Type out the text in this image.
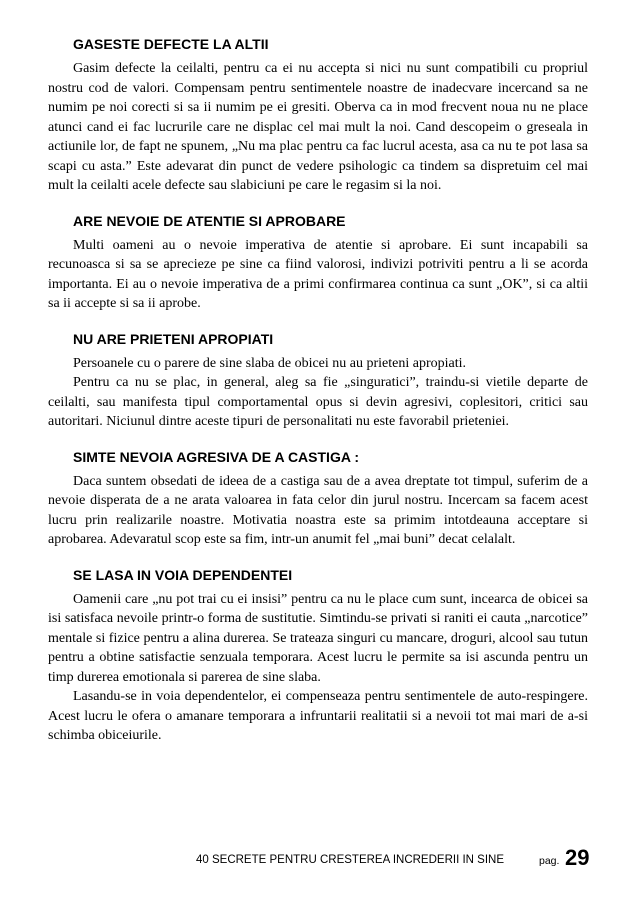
GASESTE DEFECTE LA ALTII

Gasim defecte la ceilalti, pentru ca ei nu accepta si nici nu sunt compatibili cu propriul nostru cod de valori. Compensam pentru sentimentele noastre de inadecvare incercand sa ne numim pe noi corecti si sa ii numim pe ei gresiti. Oberva ca in mod frecvent noua nu ne place atunci cand ei fac lucrurile care ne displac cel mai mult la noi. Cand descopeim o greseala in actiunile lor, de fapt ne spunem, „Nu ma plac pentru ca fac lucrul acesta, asa ca nu te pot lasa sa scapi cu asta.” Este adevarat din punct de vedere psihologic ca tindem sa dispretuim cel mai mult la ceilalti acele defecte sau slabiciuni pe care le regasim si la noi.

ARE NEVOIE DE ATENTIE SI APROBARE

Multi oameni au o nevoie imperativa de atentie si aprobare. Ei sunt incapabili sa recunoasca si sa se aprecieze pe sine ca fiind valorosi, indivizi potriviti pentru a li se acorda importanta. Ei au o nevoie imperativa de a primi confirmarea continua ca sunt „OK”, si ca altii sa ii accepte si sa ii aprobe.

NU ARE PRIETENI APROPIATI

Persoanele cu o parere de sine slaba de obicei nu au prieteni apropiati.

Pentru ca nu se plac, in general, aleg sa fie „singuratici”, traindu-si vietile departe de ceilalti, sau manifesta tipul comportamental opus si devin agresivi, coplesitori, critici sau autoritari. Niciunul dintre aceste tipuri de personalitati nu este favorabil prieteniei.

SIMTE NEVOIA AGRESIVA DE A CASTIGA :

Daca suntem obsedati de ideea de a castiga sau de a avea dreptate tot timpul, suferim de a nevoie disperata de a ne arata valoarea in fata celor din jurul nostru. Incercam sa facem acest lucru prin realizarile noastre. Motivatia noastra este sa primim intotdeauna acceptare si aprobarea. Adevaratul scop este sa fim, intr-un anumit fel „mai buni” decat celalalt.

SE LASA IN VOIA DEPENDENTEI

Oamenii care „nu pot trai cu ei insisi” pentru ca nu le place cum sunt, incearca de obicei sa isi satisfaca nevoile printr-o forma de sustitutie. Simtindu-se privati si raniti ei cauta „narcotice” mentale si fizice pentru a alina durerea. Se trateaza singuri cu mancare, droguri, alcool sau tutun pentru a obtine satisfactie senzuala temporara. Acest lucru le permite sa isi ascunda pentru un timp durerea emotionala si parerea de sine slaba.

Lasandu-se in voia dependentelor, ei compenseaza pentru sentimentele de auto-respingere. Acest lucru le ofera o amanare temporara a infruntarii realitatii si a nevoii tot mai mari de a-si schimba obiceiurile.

40 SECRETE PENTRU CRESTEREA INCREDERII IN SINE	pag. 29
